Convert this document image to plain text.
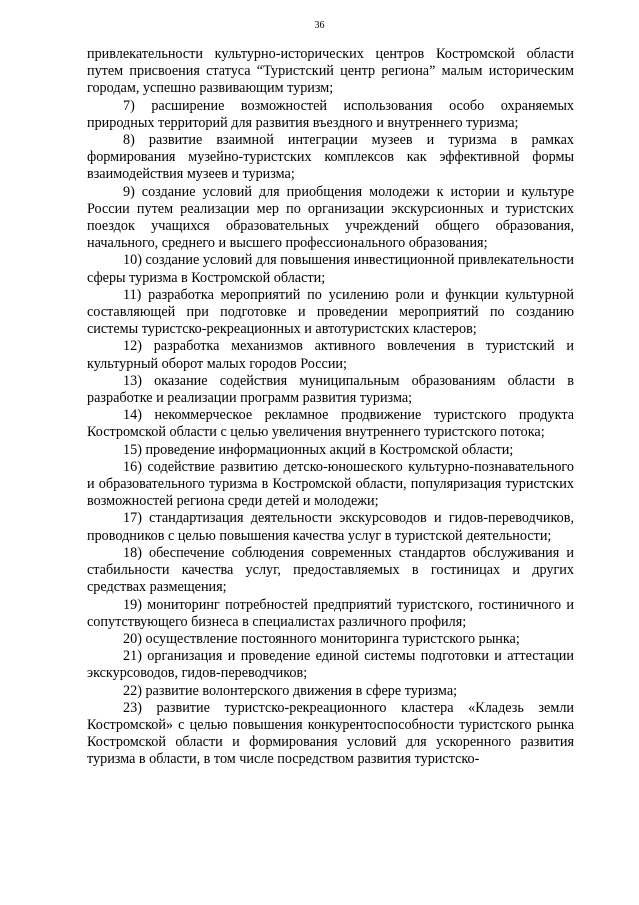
36

привлекательности культурно-исторических центров Костромской области путем присвоения статуса “Туристский центр региона” малым историческим городам, успешно развивающим туризм;

7) расширение возможностей использования особо охраняемых природных территорий для развития въездного и внутреннего туризма;

8) развитие взаимной интеграции музеев и туризма в рамках формирования музейно-туристских комплексов как эффективной формы взаимодействия музеев и туризма;

9) создание условий для приобщения молодежи к истории и культуре России путем реализации мер по организации экскурсионных и туристских поездок учащихся образовательных учреждений общего образования, начального, среднего и высшего профессионального образования;

10) создание условий для повышения инвестиционной привлекательности сферы туризма в Костромской области;

11) разработка мероприятий по усилению роли и функции культурной составляющей при подготовке и проведении мероприятий по созданию системы туристско-рекреационных и автотуристских кластеров;

12) разработка механизмов активного вовлечения в туристский и культурный оборот малых городов России;

13) оказание содействия муниципальным образованиям области в разработке и реализации программ развития туризма;

14) некоммерческое рекламное продвижение туристского продукта Костромской области с целью увеличения внутреннего туристского потока;

15) проведение информационных акций в Костромской области;

16) содействие развитию детско-юношеского культурно-познавательного и образовательного туризма в Костромской области, популяризация туристских возможностей региона среди детей и молодежи;

17) стандартизация деятельности экскурсоводов и гидов-переводчиков, проводников с целью повышения качества услуг в туристской деятельности;

18) обеспечение соблюдения современных стандартов обслуживания и стабильности качества услуг, предоставляемых в гостиницах и других средствах размещения;

19) мониторинг потребностей предприятий туристского, гостиничного и сопутствующего бизнеса в специалистах различного профиля;

20) осуществление постоянного мониторинга туристского рынка;

21) организация и проведение единой системы подготовки и аттестации экскурсоводов, гидов-переводчиков;

22) развитие волонтерского движения в сфере туризма;

23) развитие туристско-рекреационного кластера «Кладезь земли Костромской» с целью повышения конкурентоспособности туристского рынка Костромской области и формирования условий для ускоренного развития туризма в области, в том числе посредством развития туристско-
